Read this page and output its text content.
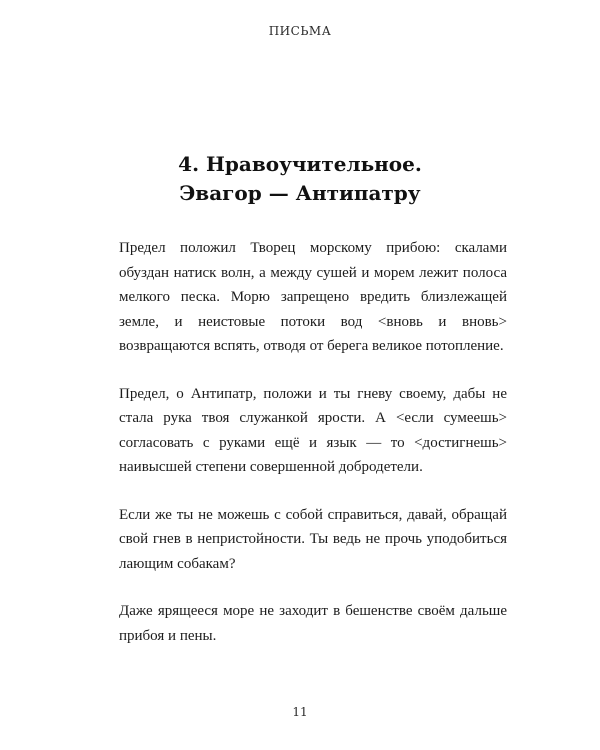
ПИСЬМА
4. Нравоучительное.
Эвагор — Антипатру

Предел положил Творец морскому прибою: скалами обуздан натиск волн, а между сушей и морем лежит полоса мелкого песка. Морю запрещено вредить близлежащей земле, и неистовые потоки вод <вновь и вновь> возвращаются вспять, отводя от берега великое потопление.

Предел, о Антипатр, положи и ты гневу своему, дабы не стала рука твоя служанкой ярости. А <если сумеешь> согласовать с руками ещё и язык — то <достигнешь> наивысшей степени совершенной добродетели.

Если же ты не можешь с собой справиться, давай, обращай свой гнев в непристойности. Ты ведь не прочь уподобиться лающим собакам?

Даже ярящееся море не заходит в бешенстве своём дальше прибоя и пены.

11
